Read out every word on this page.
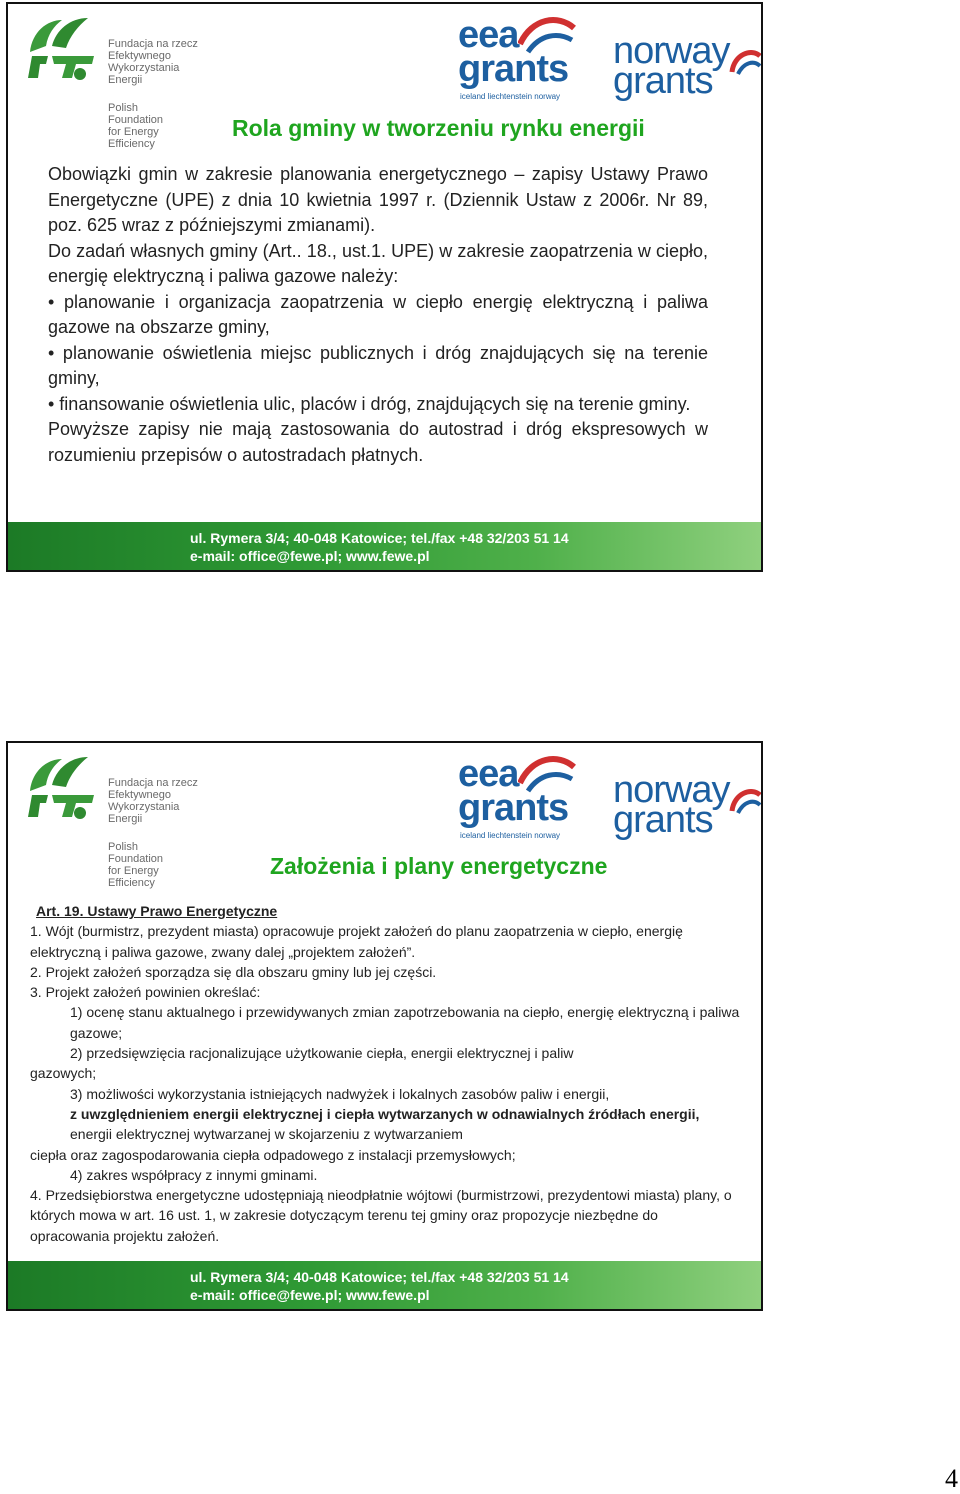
Fundacja na rzecz
Efektywnego
Wykorzystania
Energii
Polish
Foundation
for Energy
Efficiency
eea
grants
iceland liechtenstein norway
norway
grants
Rola gminy w tworzeniu rynku energii

Obowiązki gmin w zakresie planowania energetycznego – zapisy Ustawy Prawo Energetyczne (UPE) z dnia 10 kwietnia 1997 r. (Dziennik Ustaw z 2006r. Nr 89, poz. 625 wraz z późniejszymi zmianami).

Do zadań własnych gminy (Art.. 18., ust.1. UPE) w zakresie zaopatrzenia w ciepło, energię elektryczną i paliwa gazowe należy:

• planowanie i organizacja zaopatrzenia w ciepło energię elektryczną i paliwa gazowe na obszarze gminy,

• planowanie oświetlenia miejsc publicznych i dróg znajdujących się na terenie gminy,

• finansowanie oświetlenia ulic, placów i dróg, znajdujących się na terenie gminy.

Powyższe zapisy nie mają zastosowania do autostrad i dróg ekspresowych w rozumieniu przepisów o autostradach płatnych.

ul. Rymera 3/4; 40-048 Katowice; tel./fax +48 32/203 51 14
e-mail: office@fewe.pl; www.fewe.pl
Fundacja na rzecz
Efektywnego
Wykorzystania
Energii
Polish
Foundation
for Energy
Efficiency
eea
grants
iceland liechtenstein norway
norway
grants
Założenia i plany energetyczne

Art. 19. Ustawy Prawo Energetyczne

1. Wójt (burmistrz, prezydent miasta) opracowuje projekt założeń do planu zaopatrzenia w ciepło, energię elektryczną i paliwa gazowe, zwany dalej „projektem założeń”.

2. Projekt założeń sporządza się dla obszaru gminy lub jej części.

3. Projekt założeń powinien określać:

1) ocenę stanu aktualnego i przewidywanych zmian zapotrzebowania na ciepło, energię elektryczną i paliwa gazowe;

2) przedsięwzięcia racjonalizujące użytkowanie ciepła, energii elektrycznej i paliw

gazowych;

3) możliwości wykorzystania istniejących nadwyżek i lokalnych zasobów paliw i energii,

z uwzględnieniem energii elektrycznej i ciepła wytwarzanych w odnawialnych źródłach energii, energii elektrycznej wytwarzanej w skojarzeniu z wytwarzaniem

ciepła oraz zagospodarowania ciepła odpadowego z instalacji przemysłowych;

4) zakres współpracy z innymi gminami.

4. Przedsiębiorstwa energetyczne udostępniają nieodpłatnie wójtowi (burmistrzowi, prezydentowi miasta) plany, o których mowa w art. 16 ust. 1, w zakresie dotyczącym terenu tej gminy oraz propozycje niezbędne do opracowania projektu założeń.

ul. Rymera 3/4; 40-048 Katowice; tel./fax +48 32/203 51 14
e-mail: office@fewe.pl; www.fewe.pl
4
